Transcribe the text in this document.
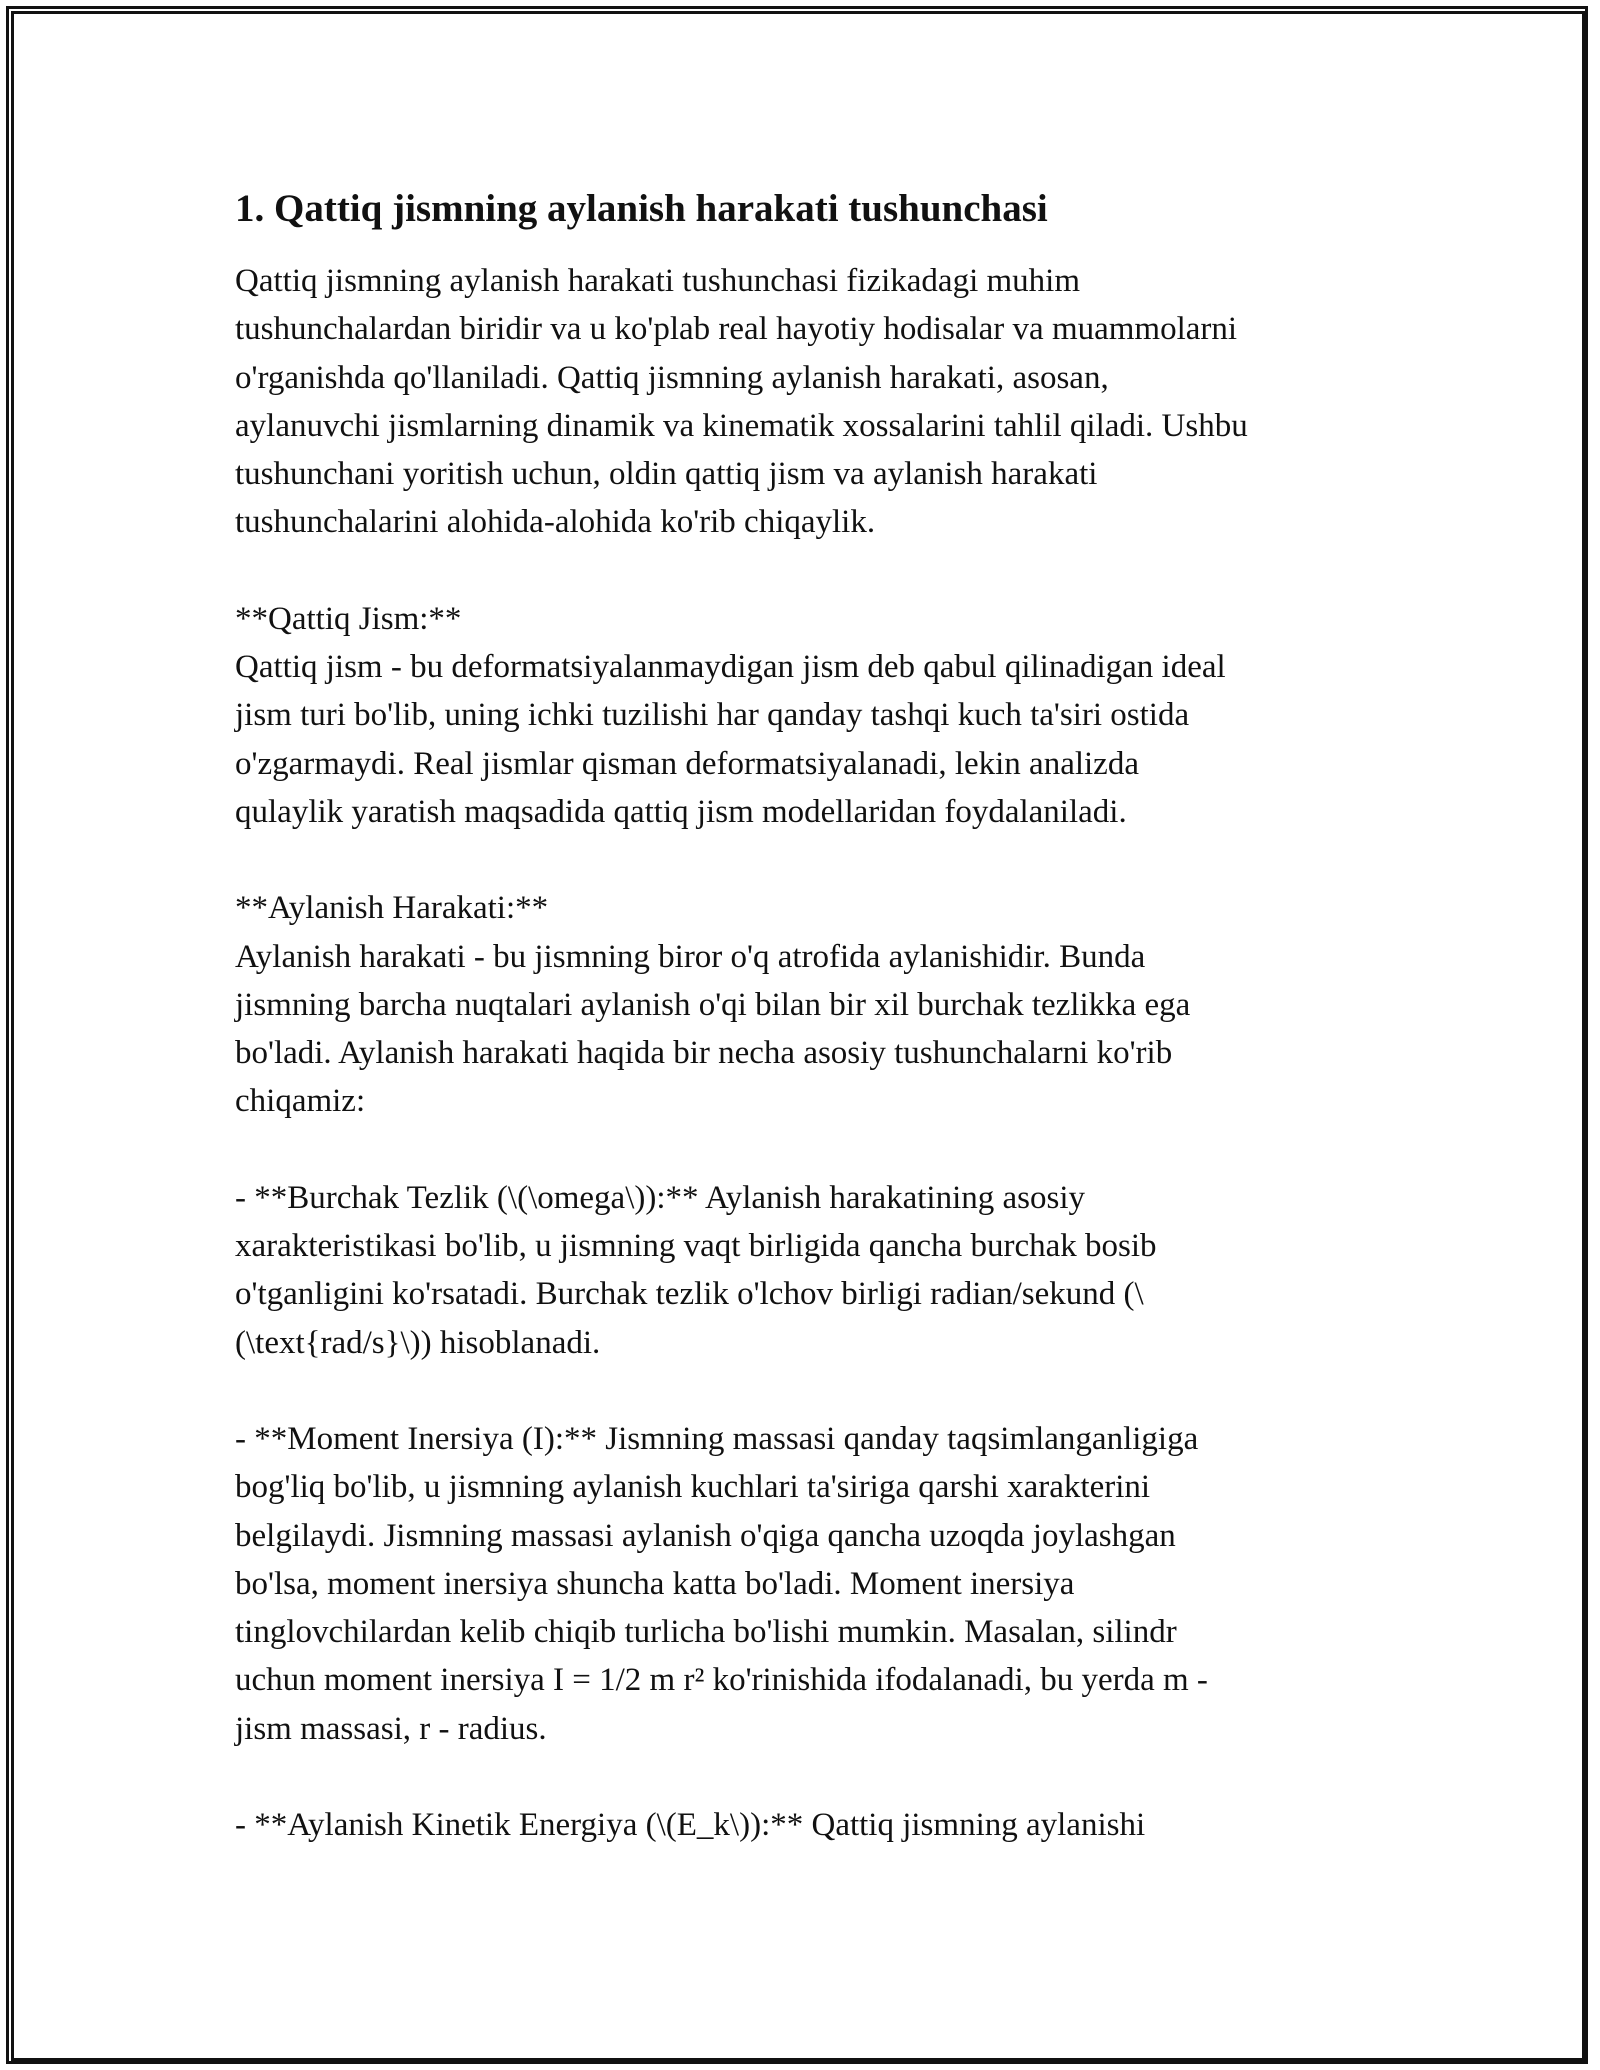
1. Qattiq jismning aylanish harakati tushunchasi
Qattiq jismning aylanish harakati tushunchasi fizikadagi muhim
tushunchalardan biridir va u ko'plab real hayotiy hodisalar va muammolarni
o'rganishda qo'llaniladi. Qattiq jismning aylanish harakati, asosan,
aylanuvchi jismlarning dinamik va kinematik xossalarini tahlil qiladi. Ushbu
tushunchani yoritish uchun, oldin qattiq jism va aylanish harakati
tushunchalarini alohida-alohida ko'rib chiqaylik.
**Qattiq Jism:**
Qattiq jism - bu deformatsiyalanmaydigan jism deb qabul qilinadigan ideal
jism turi bo'lib, uning ichki tuzilishi har qanday tashqi kuch ta'siri ostida
o'zgarmaydi. Real jismlar qisman deformatsiyalanadi, lekin analizda
qulaylik yaratish maqsadida qattiq jism modellaridan foydalaniladi.
**Aylanish Harakati:**
Aylanish harakati - bu jismning biror o'q atrofida aylanishidir. Bunda
jismning barcha nuqtalari aylanish o'qi bilan bir xil burchak tezlikka ega
bo'ladi. Aylanish harakati haqida bir necha asosiy tushunchalarni ko'rib
chiqamiz:
- **Burchak Tezlik (\(\omega\)):** Aylanish harakatining asosiy
xarakteristikasi bo'lib, u jismning vaqt birligida qancha burchak bosib
o'tganligini ko'rsatadi. Burchak tezlik o'lchov birligi radian/sekund (\
(\text{rad/s}\)) hisoblanadi.
- **Moment Inersiya (I):** Jismning massasi qanday taqsimlanganligiga
bog'liq bo'lib, u jismning aylanish kuchlari ta'siriga qarshi xarakterini
belgilaydi. Jismning massasi aylanish o'qiga qancha uzoqda joylashgan
bo'lsa, moment inersiya shuncha katta bo'ladi. Moment inersiya
tinglovchilardan kelib chiqib turlicha bo'lishi mumkin. Masalan, silindr
uchun moment inersiya I = 1/2 m r² ko'rinishida ifodalanadi, bu yerda m -
jism massasi, r - radius.
- **Aylanish Kinetik Energiya (\(E_k\)):** Qattiq jismning aylanishi
